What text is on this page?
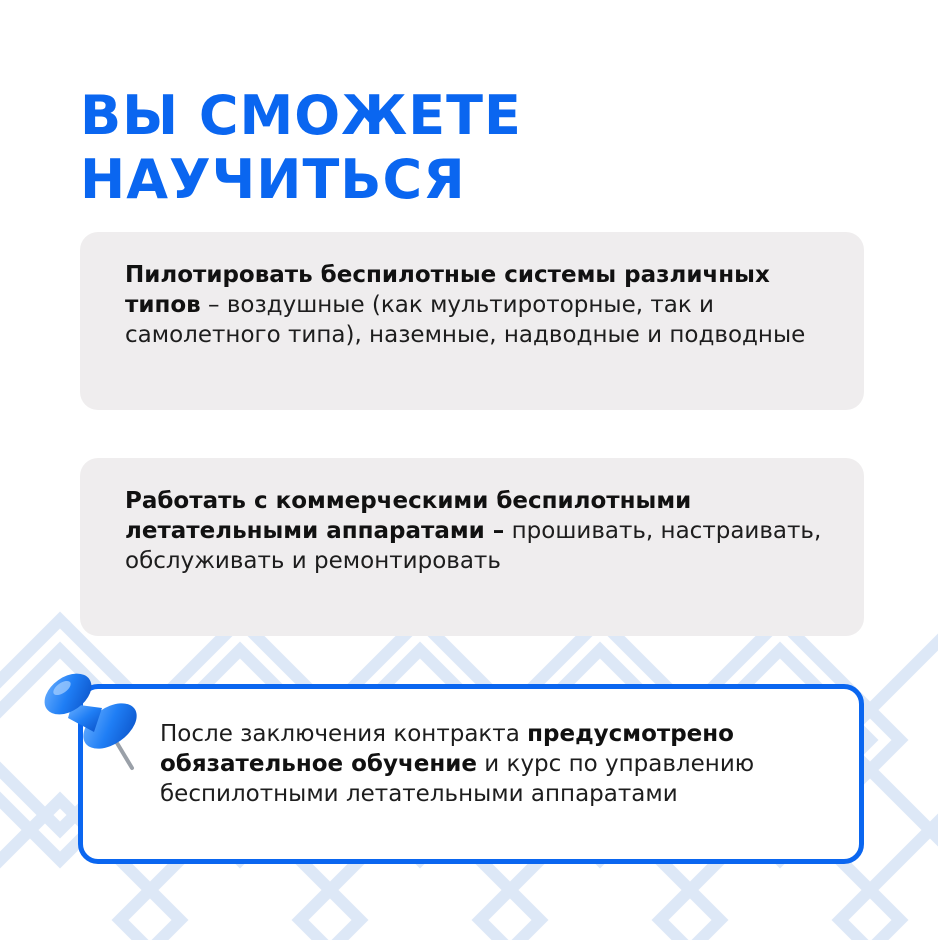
ВЫ СМОЖЕТЕ
НАУЧИТЬСЯ

Пилотировать беспилотные системы различных типов – воздушные (как мультироторные, так и самолетного типа), наземные, надводные и подводные

Работать с коммерческими беспилотными летательными аппаратами – прошивать, настраивать, обслуживать и ремонтировать

После заключения контракта предусмотрено обязательное обучение и курс по управлению беспилотными летательными аппаратами
